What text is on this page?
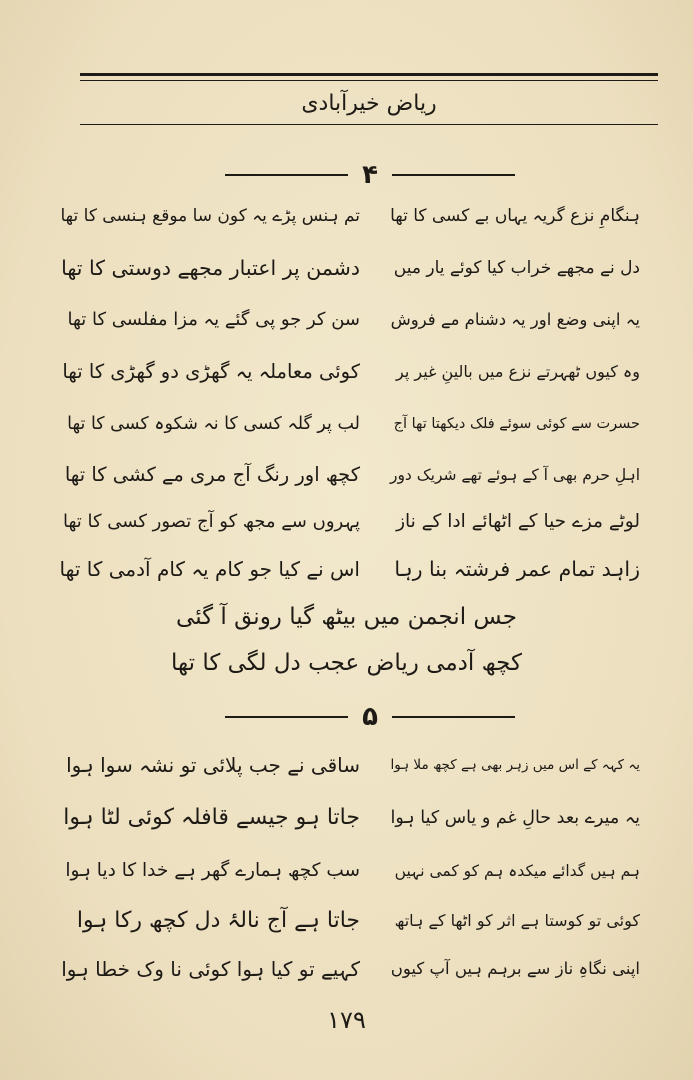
ریاض خیرآبادی
۴
ہنگامِ نزع گریہ یہاں بے کسی کا تھا
تم ہنس پڑے یہ کون سا موقع ہنسی کا تھا
دل نے مجھے خراب کیا کوئے یار میں
دشمن پر اعتبار مجھے دوستی کا تھا
یہ اپنی وضع اور یہ دشنام مے فروش
سن کر جو پی گئے یہ مزا مفلسی کا تھا
وہ کیوں ٹھہرتے نزع میں بالینِ غیر پر
کوئی معاملہ یہ گھڑی دو گھڑی کا تھا
حسرت سے کوئی سوئے فلک دیکھتا تھا آج
لب پر گلہ کسی کا نہ شکوہ کسی کا تھا
اہلِ حرم بھی آ کے ہوئے تھے شریک دور
کچھ اور رنگ آج مری مے کشی کا تھا
لوٹے مزے حیا کے اٹھائے ادا کے ناز
پہروں سے مجھ کو آج تصور کسی کا تھا
زاہد تمام عمر فرشتہ بنا رہا
اس نے کیا جو کام یہ کام آدمی کا تھا
جس انجمن میں بیٹھ گیا رونق آ گئی
کچھ آدمی ریاض عجب دل لگی کا تھا
۵
یہ کہہ کے اس میں زہر بھی ہے کچھ ملا ہوا
ساقی نے جب پلائی تو نشہ سوا ہوا
یہ میرے بعد حالِ غم و یاس کیا ہوا
جاتا ہو جیسے قافلہ کوئی لٹا ہوا
ہم ہیں گدائے میکدہ ہم کو کمی نہیں
سب کچھ ہمارے گھر ہے خدا کا دیا ہوا
کوئی تو کوستا ہے اثر کو اٹھا کے ہاتھ
جاتا ہے آج نالۂ دل کچھ رکا ہوا
اپنی نگاہِ ناز سے برہم ہیں آپ کیوں
کہیے تو کیا ہوا کوئی نا وک خطا ہوا
۱۷۹
